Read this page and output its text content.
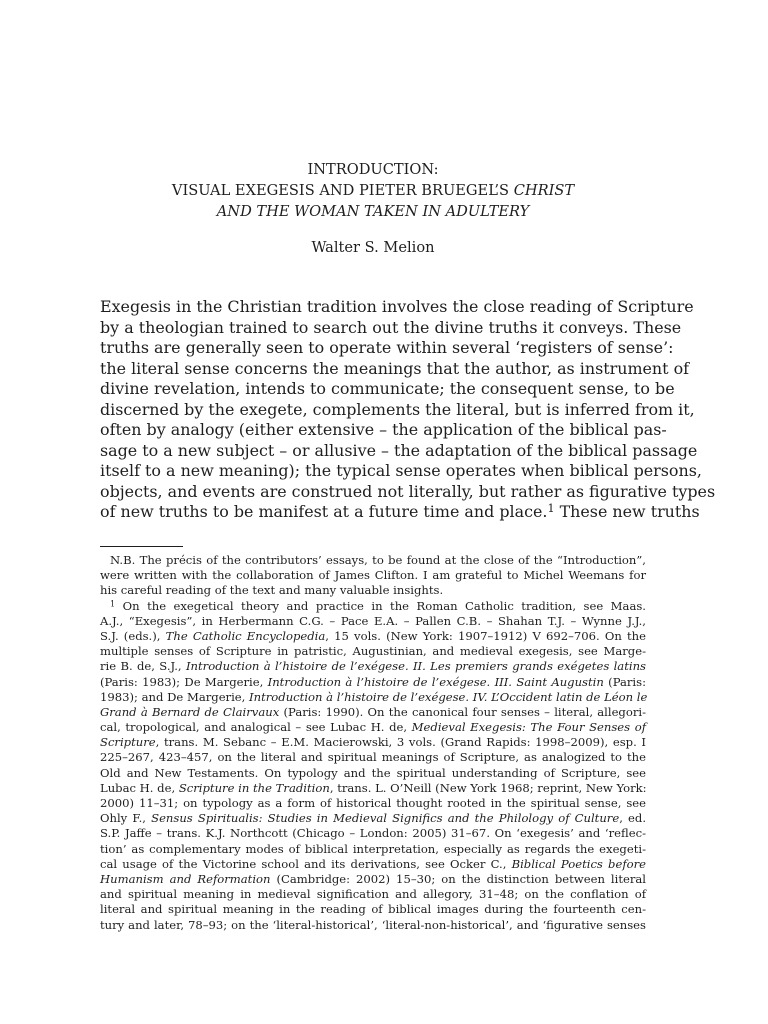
INTRODUCTION:
VISUAL EXEGESIS AND PIETER BRUEGEL’S CHRIST
AND THE WOMAN TAKEN IN ADULTERY
Walter S. Melion
Exegesis in the Christian tradition involves the close reading of Scripture
by a theologian trained to search out the divine truths it conveys. These
truths are generally seen to operate within several ‘registers of sense’:
the literal sense concerns the meanings that the author, as instrument of
divine revelation, intends to communicate; the consequent sense, to be
discerned by the exegete, complements the literal, but is inferred from it,
often by analogy (either extensive – the application of the biblical pas-
sage to a new subject – or allusive – the adaptation of the biblical passage
itself to a new meaning); the typical sense operates when biblical persons,
objects, and events are construed not literally, but rather as figurative types
of new truths to be manifest at a future time and place.$^1$ These new truths
N.B. The précis of the contributors’ essays, to be found at the close of the “Introduction”,
were written with the collaboration of James Clifton. I am grateful to Michel Weemans for
his careful reading of the text and many valuable insights.
$^1$ On the exegetical theory and practice in the Roman Catholic tradition, see Maas.
A.J., “Exegesis”, in Herbermann C.G. – Pace E.A. – Pallen C.B. – Shahan T.J. – Wynne J.J.,
S.J. (eds.), The Catholic Encyclopedia, 15 vols. (New York: 1907–1912) V 692–706. On the
multiple senses of Scripture in patristic, Augustinian, and medieval exegesis, see Marge-
rie B. de, S.J., Introduction à l’histoire de l’exégese. II. Les premiers grands exégetes latins
(Paris: 1983); De Margerie, Introduction à l’histoire de l’exégese. III. Saint Augustin (Paris:
1983); and De Margerie, Introduction à l’histoire de l’exégese. IV. L’Occident latin de Léon le
Grand à Bernard de Clairvaux (Paris: 1990). On the canonical four senses – literal, allegori-
cal, tropological, and analogical – see Lubac H. de, Medieval Exegesis: The Four Senses of
Scripture, trans. M. Sebanc – E.M. Macierowski, 3 vols. (Grand Rapids: 1998–2009), esp. I
225–267, 423–457, on the literal and spiritual meanings of Scripture, as analogized to the
Old and New Testaments. On typology and the spiritual understanding of Scripture, see
Lubac H. de, Scripture in the Tradition, trans. L. O’Neill (New York 1968; reprint, New York:
2000) 11–31; on typology as a form of historical thought rooted in the spiritual sense, see
Ohly F., Sensus Spiritualis: Studies in Medieval Significs and the Philology of Culture, ed.
S.P. Jaffe – trans. K.J. Northcott (Chicago – London: 2005) 31–67. On ‘exegesis’ and ‘reflec-
tion’ as complementary modes of biblical interpretation, especially as regards the exegeti-
cal usage of the Victorine school and its derivations, see Ocker C., Biblical Poetics before
Humanism and Reformation (Cambridge: 2002) 15–30; on the distinction between literal
and spiritual meaning in medieval signification and allegory, 31–48; on the conflation of
literal and spiritual meaning in the reading of biblical images during the fourteenth cen-
tury and later, 78–93; on the ‘literal-historical’, ‘literal-non-historical’, and ‘figurative senses
